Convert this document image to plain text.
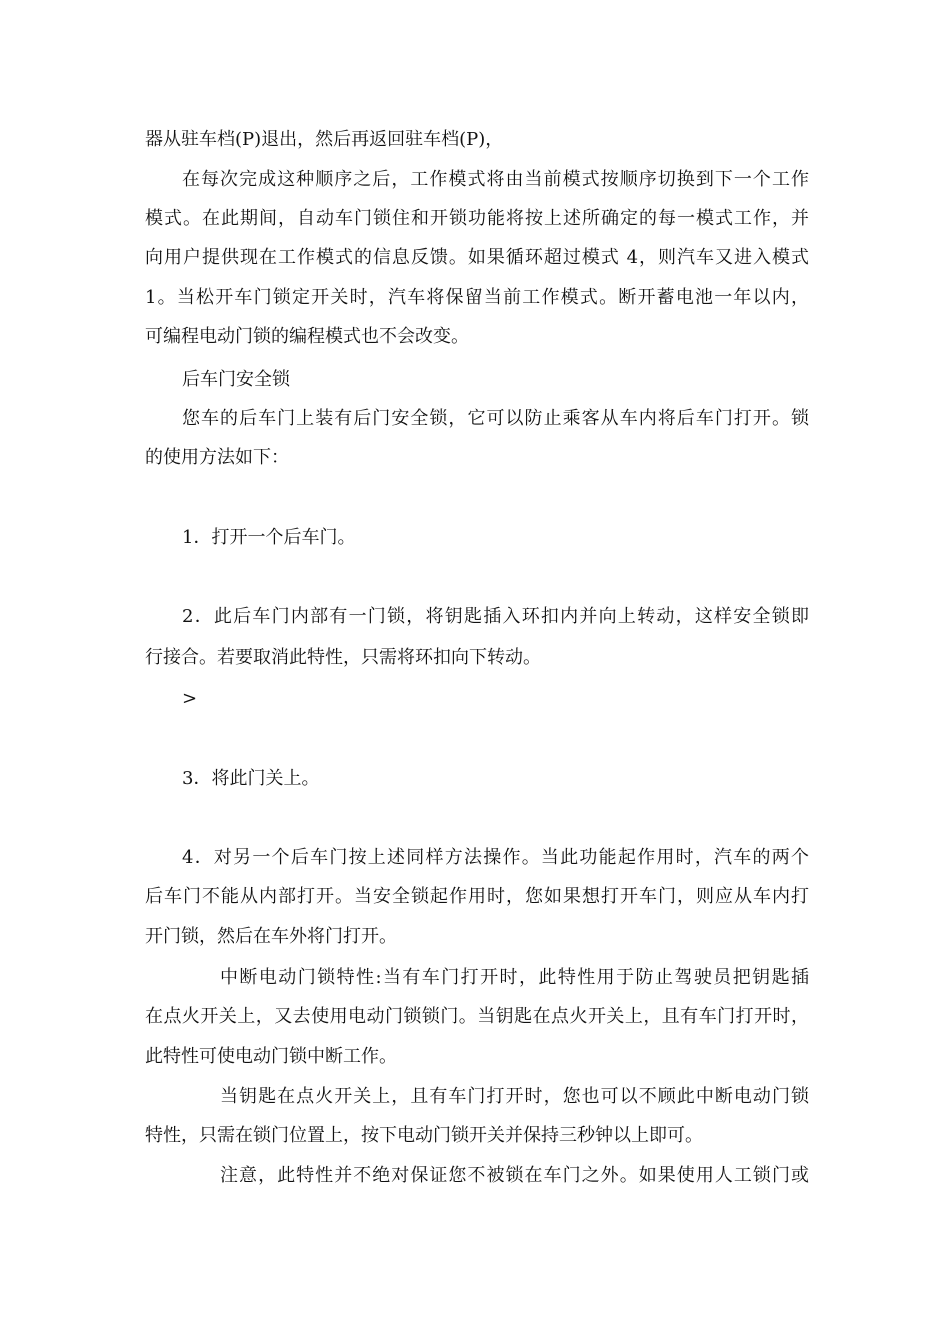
器从驻车档(P)退出，然后再返回驻车档(P)，
在每次完成这种顺序之后，工作模式将由当前模式按顺序切换到下一个工作
模式。在此期间，自动车门锁住和开锁功能将按上述所确定的每一模式工作，并
向用户提供现在工作模式的信息反馈。如果循环超过模式 4，则汽车又进入模式
1。当松开车门锁定开关时，汽车将保留当前工作模式。断开蓄电池一年以内，
可编程电动门锁的编程模式也不会改变。
后车门安全锁
您车的后车门上装有后门安全锁，它可以防止乘客从车内将后车门打开。锁
的使用方法如下：
1．打开一个后车门。
2．此后车门内部有一门锁，将钥匙插入环扣内并向上转动，这样安全锁即
行接合。若要取消此特性，只需将环扣向下转动。
>
3．将此门关上。
4．对另一个后车门按上述同样方法操作。当此功能起作用时，汽车的两个
后车门不能从内部打开。当安全锁起作用时，您如果想打开车门，则应从车内打
开门锁，然后在车外将门打开。
中断电动门锁特性:当有车门打开时，此特性用于防止驾驶员把钥匙插
在点火开关上，又去使用电动门锁锁门。当钥匙在点火开关上，且有车门打开时，
此特性可使电动门锁中断工作。
当钥匙在点火开关上，且有车门打开时，您也可以不顾此中断电动门锁
特性，只需在锁门位置上，按下电动门锁开关并保持三秒钟以上即可。
注意，此特性并不绝对保证您不被锁在车门之外。如果使用人工锁门或
